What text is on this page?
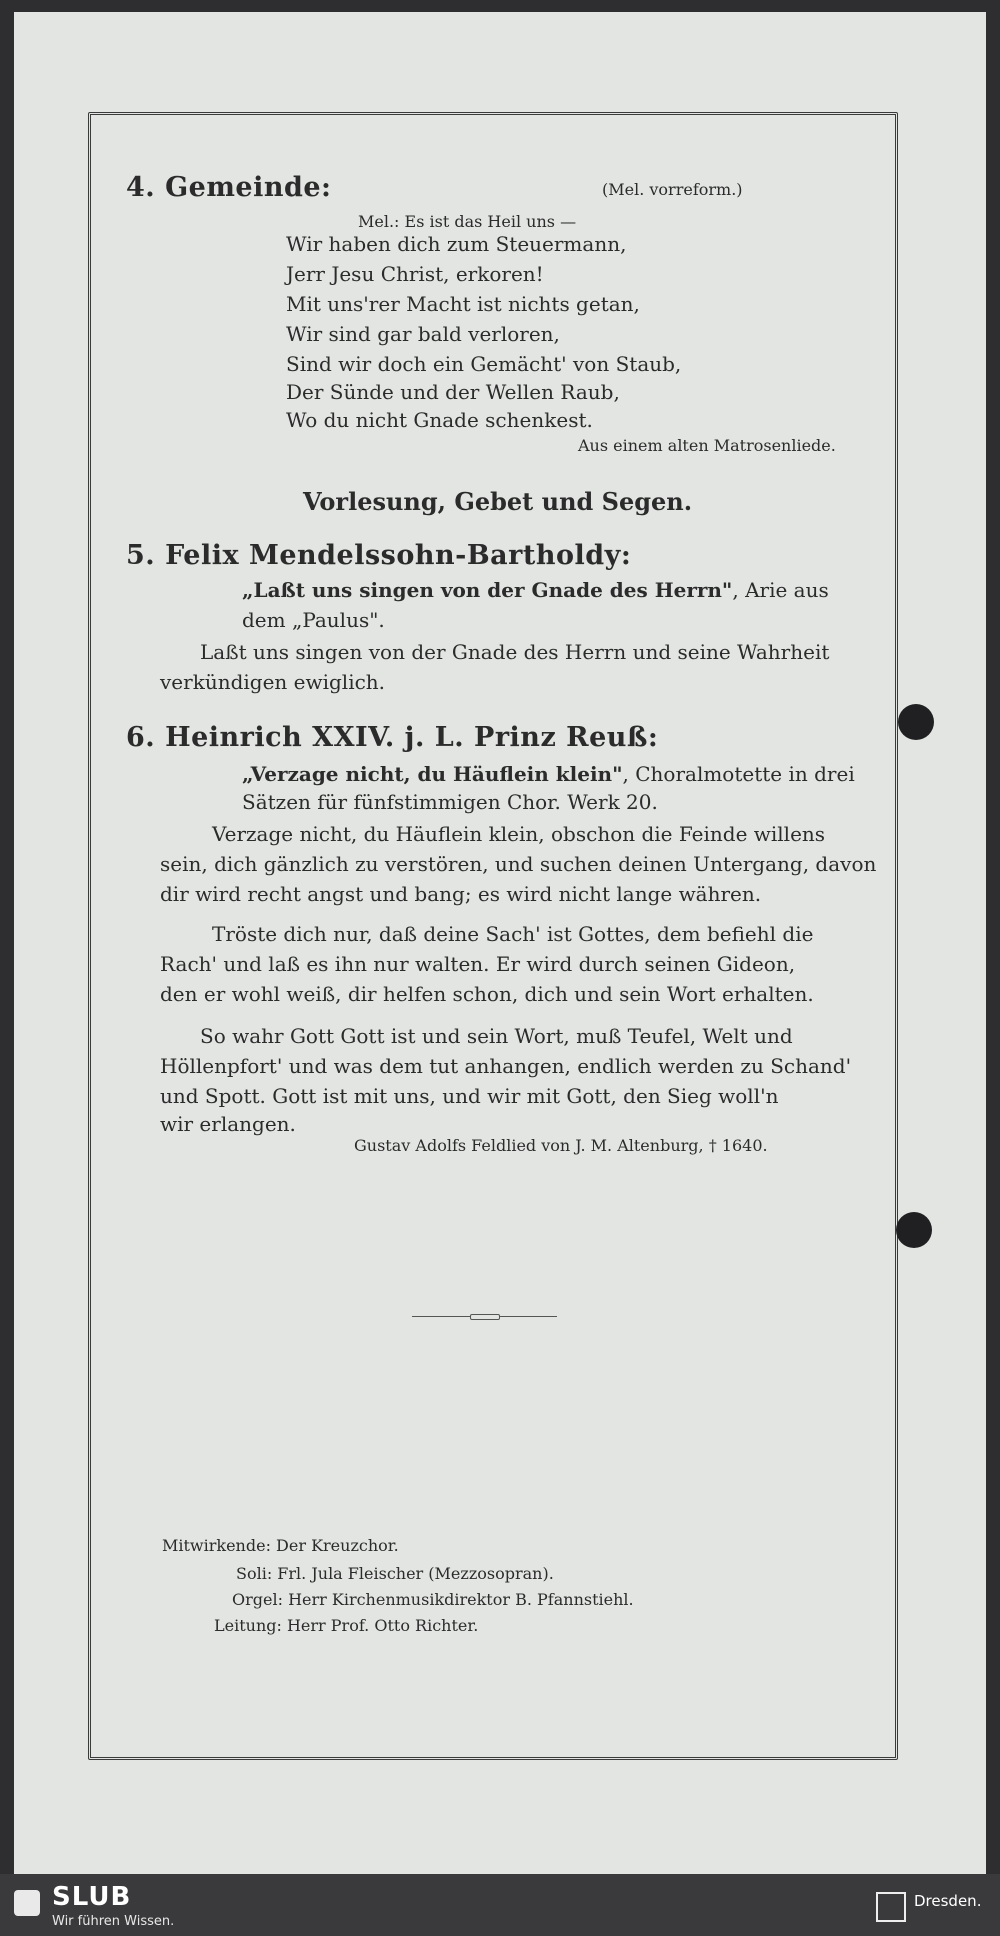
4. Gemeinde:	(Mel. vorreform.)
Mel.: Es ist das Heil uns —
Wir haben dich zum Steuermann,
Jerr Jesu Christ, erkoren!
Mit uns'rer Macht ist nichts getan,
Wir sind gar bald verloren,
Sind wir doch ein Gemächt' von Staub,
Der Sünde und der Wellen Raub,
Wo du nicht Gnade schenkest.
Aus einem alten Matrosenliede.
Vorlesung, Gebet und Segen.
5. Felix Mendelssohn-Bartholdy:
„Laßt uns singen von der Gnade des Herrn", Arie aus
dem „Paulus".
Laßt uns singen von der Gnade des Herrn und seine Wahrheit
verkündigen ewiglich.
6. Heinrich XXIV. j. L. Prinz Reuß:
„Verzage nicht, du Häuflein klein", Choralmotette in drei
Sätzen für fünfstimmigen Chor. Werk 20.
Verzage nicht, du Häuflein klein, obschon die Feinde willens
sein, dich gänzlich zu verstören, und suchen deinen Untergang, davon
dir wird recht angst und bang; es wird nicht lange währen.
Tröste dich nur, daß deine Sach' ist Gottes, dem befiehl die
Rach' und laß es ihn nur walten. Er wird durch seinen Gideon,
den er wohl weiß, dir helfen schon, dich und sein Wort erhalten.
So wahr Gott Gott ist und sein Wort, muß Teufel, Welt und
Höllenpfort' und was dem tut anhangen, endlich werden zu Schand'
und Spott. Gott ist mit uns, und wir mit Gott, den Sieg woll'n
wir erlangen.
Gustav Adolfs Feldlied von J. M. Altenburg, † 1640.
Mitwirkende: Der Kreuzchor.
Soli: Frl. Jula Fleischer (Mezzosopran).
Orgel: Herr Kirchenmusikdirektor B. Pfannstiehl.
Leitung: Herr Prof. Otto Richter.
SLUB
Wir führen Wissen.
Dresden.
